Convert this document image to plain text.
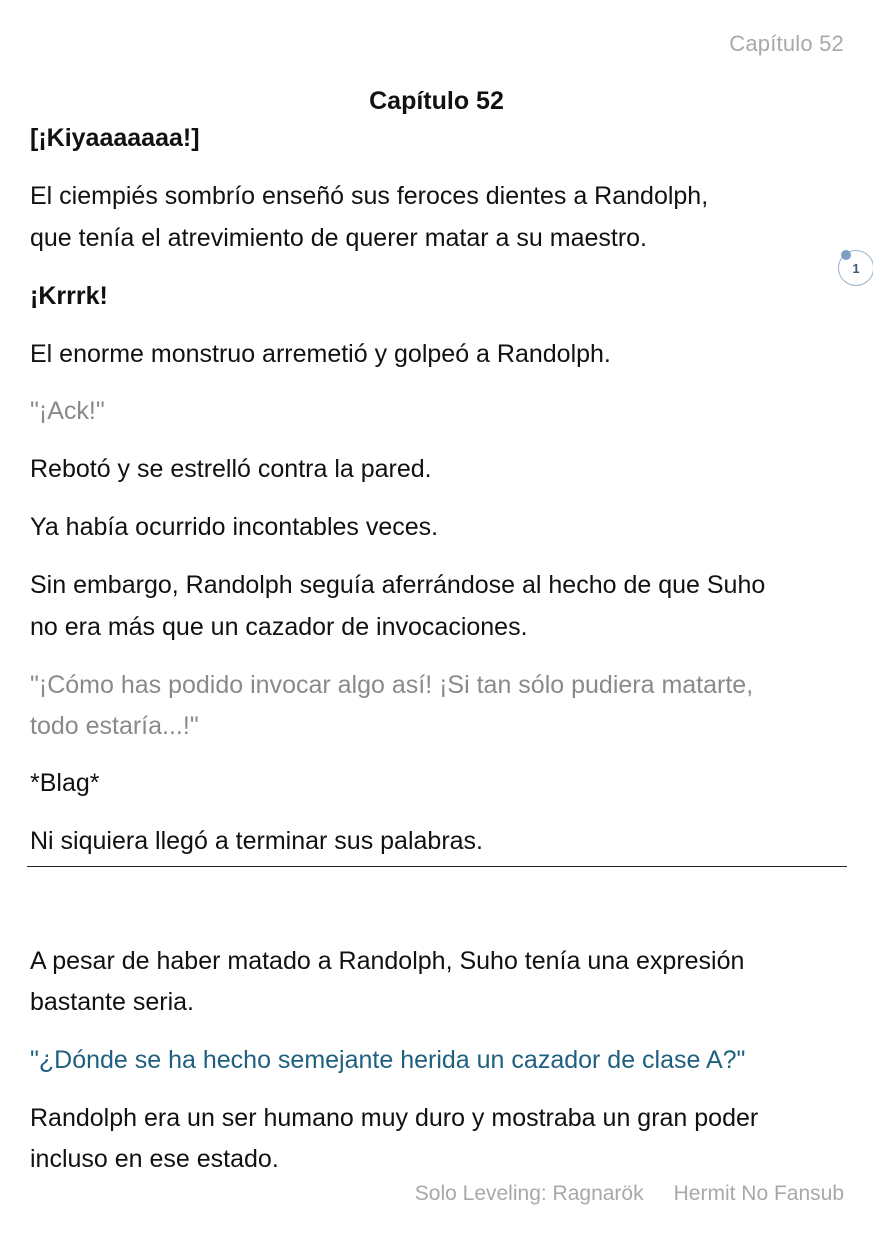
Capítulo 52
Capítulo 52
[¡Kiyaaaaaaa!]
El ciempiés sombrío enseñó sus feroces dientes a Randolph,
que tenía el atrevimiento de querer matar a su maestro.
¡Krrrk!
El enorme monstruo arremetió y golpeó a Randolph.
"¡Ack!"
Rebotó y se estrelló contra la pared.
Ya había ocurrido incontables veces.
Sin embargo, Randolph seguía aferrándose al hecho de que Suho
no era más que un cazador de invocaciones.
"¡Cómo has podido invocar algo así! ¡Si tan sólo pudiera matarte,
todo estaría...!"
*Blag*
Ni siquiera llegó a terminar sus palabras.
A pesar de haber matado a Randolph, Suho tenía una expresión
bastante seria.
"¿Dónde se ha hecho semejante herida un cazador de clase A?"
Randolph era un ser humano muy duro y mostraba un gran poder
incluso en ese estado.
1
Solo Leveling: Ragnarök Hermit No Fansub
